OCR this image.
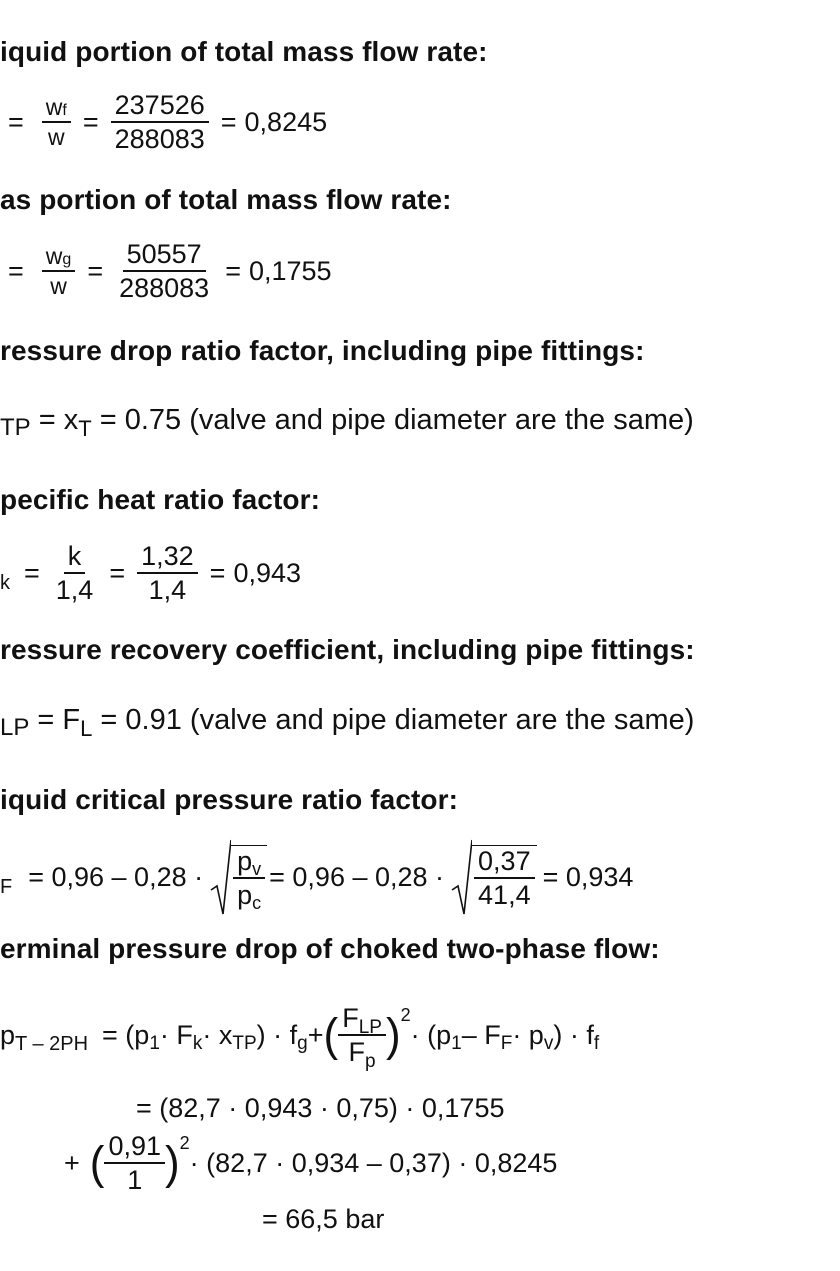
iquid portion of total mass flow rate:
as portion of total mass flow rate:
ressure drop ratio factor, including pipe fittings:
pecific heat ratio factor:
ressure recovery coefficient, including pipe fittings:
iquid critical pressure ratio factor:
erminal pressure drop of choked two-phase flow:
= $\frac{wf}{w} = \frac{237526}{288083} = 0,8245$
= $\frac{wg}{w} = \frac{50557}{288083} = 0,1755$
$_{TP} = x_T = 0.75$ (valve and pipe diameter are the same)
$k = \frac{k}{1,4} = \frac{1,32}{1,4} = 0,943$
$_{LP} = F_L = 0.91$ (valve and pipe diameter are the same)
$F = 0,96 - 0,28 \cdot \frac{pv}{pc} = 0,96 - 0,28 \cdot \frac{0,37}{41,4} = 0,934$
p T – 2PH = (p 1 · F k · x TP ) · f g + ( $\frac{F_{LP}}{F_p}$ ) 2
· (p 1 – F F · p v ) · f f
= (82,7 · 0,943 · 0,75) · 0,1755
+ ( $\frac{0,91}{1}$ ) 2
· (82,7 · 0,934 – 0,37) · 0,8245
= 66,5 bar
